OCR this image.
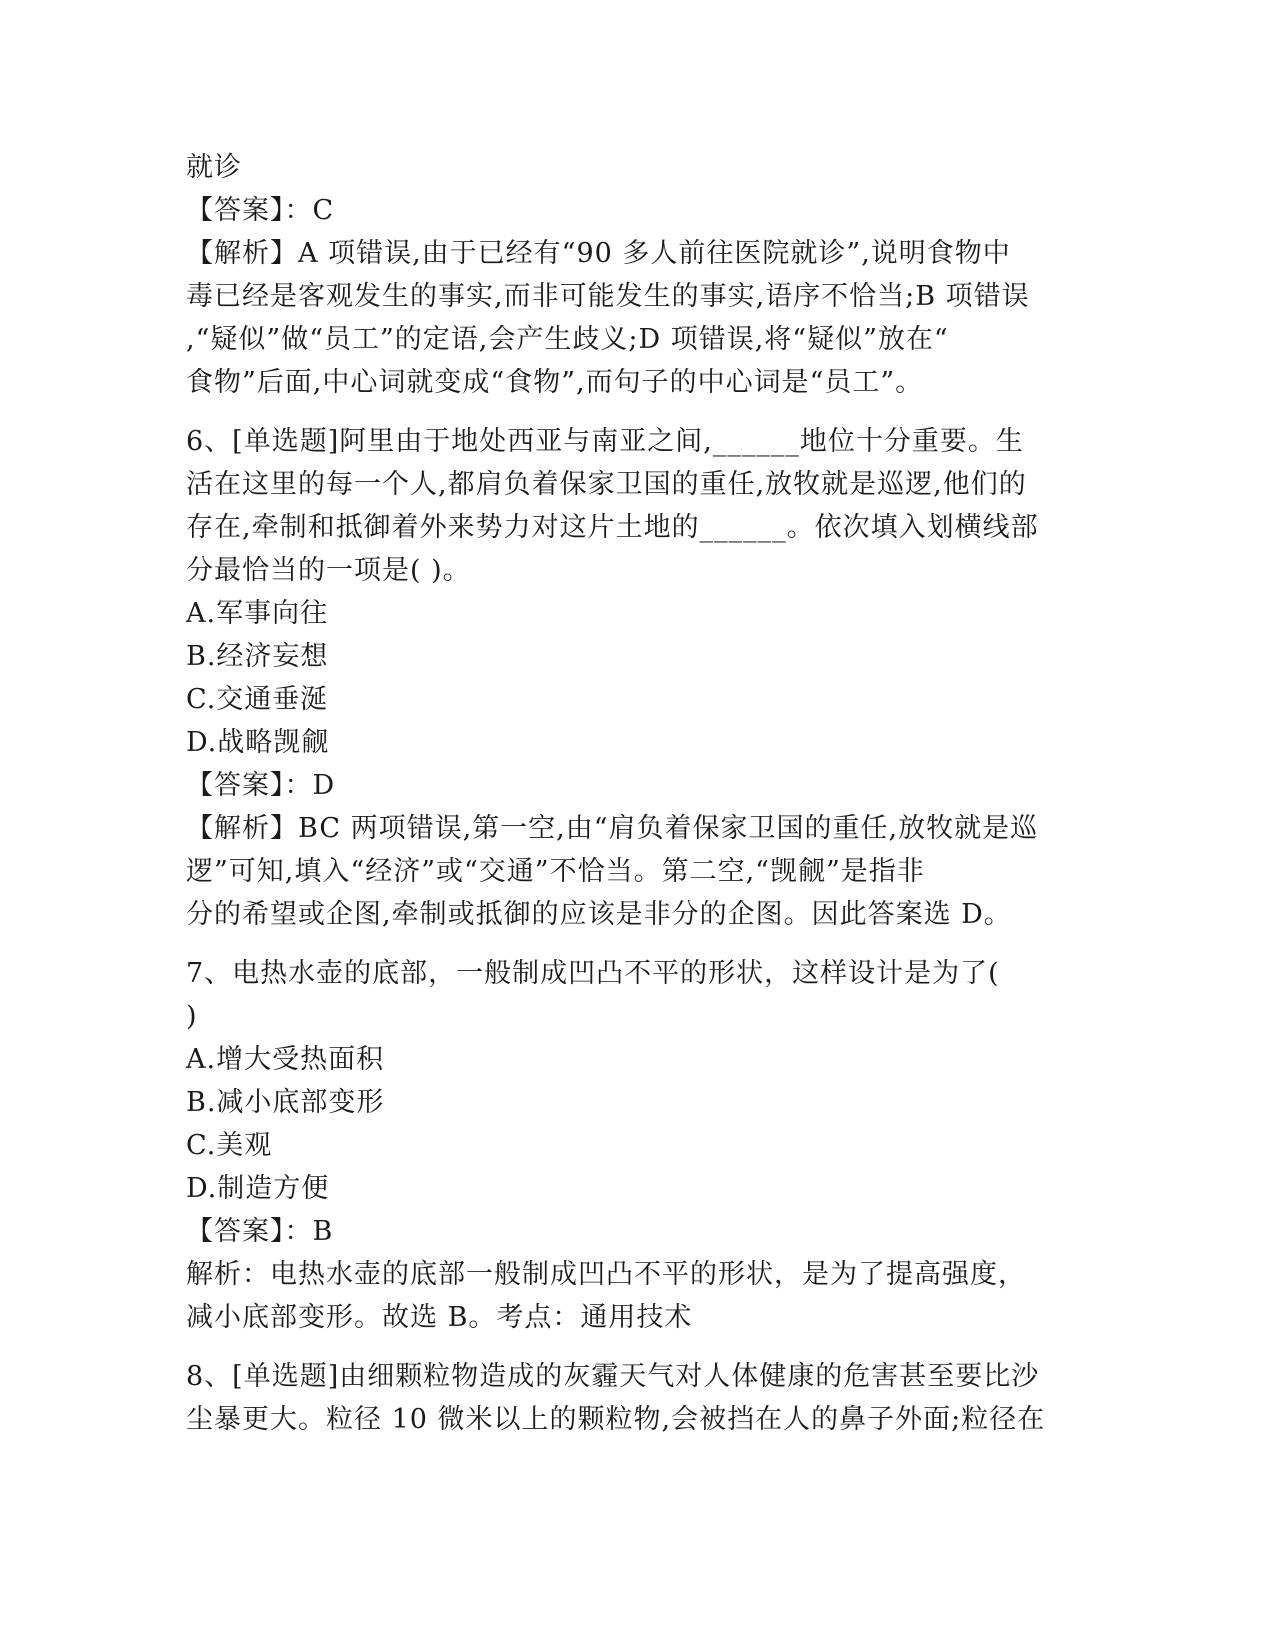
就诊
【答案】：C
【解析】A 项错误,由于已经有“90 多人前往医院就诊”,说明食物中
毒已经是客观发生的事实,而非可能发生的事实,语序不恰当;B 项错误
,“疑似”做“员工”的定语,会产生歧义;D 项错误,将“疑似”放在“
食物”后面,中心词就变成“食物”,而句子的中心词是“员工”。
6、[单选题]阿里由于地处西亚与南亚之间,______地位十分重要。生
活在这里的每一个人,都肩负着保家卫国的重任,放牧就是巡逻,他们的
存在,牵制和抵御着外来势力对这片土地的______。依次填入划横线部
分最恰当的一项是( )。
A.军事向往
B.经济妄想
C.交通垂涎
D.战略觊觎
【答案】：D
【解析】BC 两项错误,第一空,由“肩负着保家卫国的重任,放牧就是巡
逻”可知,填入“经济”或“交通”不恰当。第二空,“觊觎”是指非
分的希望或企图,牵制或抵御的应该是非分的企图。因此答案选 D。
7、电热水壶的底部，一般制成凹凸不平的形状，这样设计是为了(
)
A.增大受热面积
B.减小底部变形
C.美观
D.制造方便
【答案】：B
解析：电热水壶的底部一般制成凹凸不平的形状，是为了提高强度，
减小底部变形。故选 B。考点：通用技术
8、[单选题]由细颗粒物造成的灰霾天气对人体健康的危害甚至要比沙
尘暴更大。粒径 10 微米以上的颗粒物,会被挡在人的鼻子外面;粒径在
